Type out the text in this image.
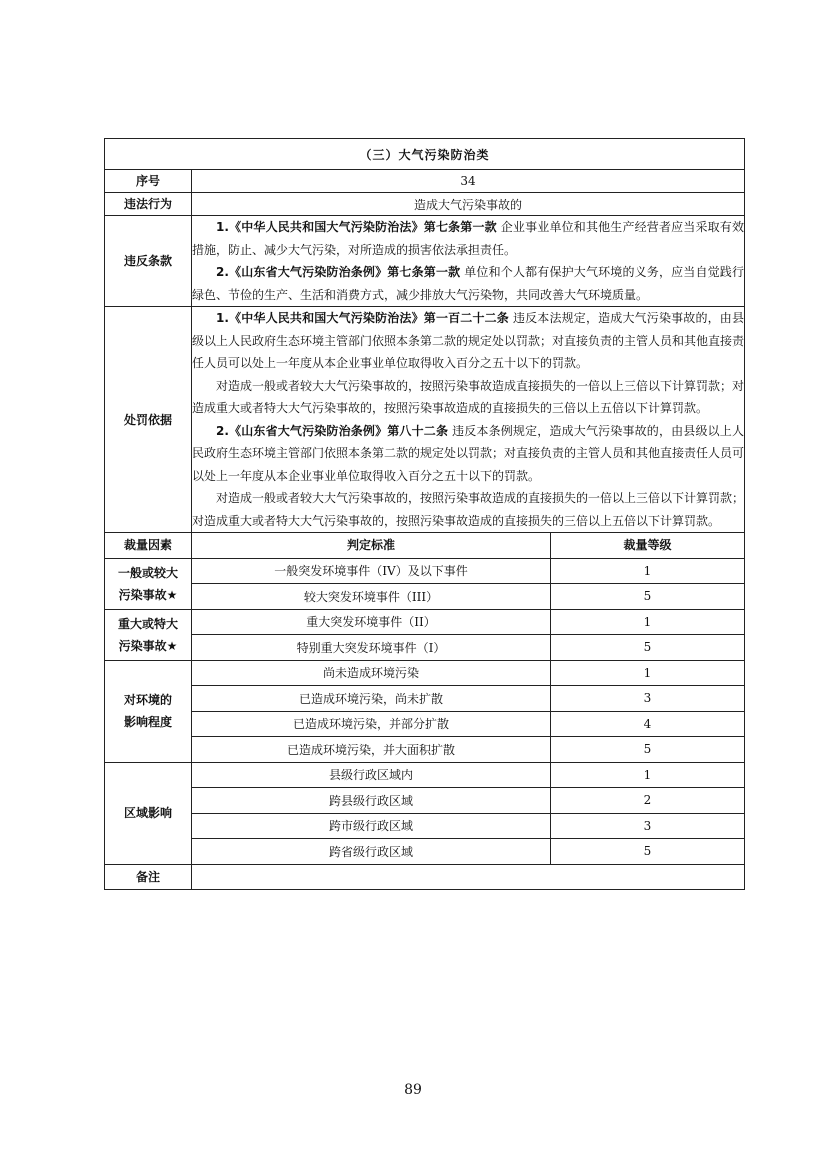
（三）大气污染防治类		
序号	34	
违法行为	造成大气污染事故的	
违反条款	1.《中华人民共和国大气污染防治法》第七条第一款 企业事业单位和其他生产经营者应当采取有效措施，防止、减少大气污染，对所造成的损害依法承担责任。

2.《山东省大气污染防治条例》第七条第一款 单位和个人都有保护大气环境的义务，应当自觉践行绿色、节俭的生产、生活和消费方式，减少排放大气污染物，共同改善大气环境质量。	

处罚依据	1.《中华人民共和国大气污染防治法》第一百二十二条 违反本法规定，造成大气污染事故的，由县级以上人民政府生态环境主管部门依照本条第二款的规定处以罚款；对直接负责的主管人员和其他直接责任人员可以处上一年度从本企业事业单位取得收入百分之五十以下的罚款。

对造成一般或者较大大气污染事故的，按照污染事故造成直接损失的一倍以上三倍以下计算罚款；对造成重大或者特大大气污染事故的，按照污染事故造成的直接损失的三倍以上五倍以下计算罚款。

2.《山东省大气污染防治条例》第八十二条 违反本条例规定，造成大气污染事故的，由县级以上人民政府生态环境主管部门依照本条第二款的规定处以罚款；对直接负责的主管人员和其他直接责任人员可以处上一年度从本企业事业单位取得收入百分之五十以下的罚款。

对造成一般或者较大大气污染事故的，按照污染事故造成的直接损失的一倍以上三倍以下计算罚款；对造成重大或者特大大气污染事故的，按照污染事故造成的直接损失的三倍以上五倍以下计算罚款。	

裁量因素	判定标准	裁量等级
一般或较大
污染事故★	一般突发环境事件（IV）及以下事件	1
	较大突发环境事件（III）	5
重大或特大
污染事故★	重大突发环境事件（II）	1
	特别重大突发环境事件（I）	5
对环境的
影响程度	尚未造成环境污染	1
	已造成环境污染，尚未扩散	3
	已造成环境污染，并部分扩散	4
	已造成环境污染，并大面积扩散	5
区域影响	县级行政区域内	1
	跨县级行政区域	2
	跨市级行政区域	3
	跨省级行政区域	5
备注		
89
